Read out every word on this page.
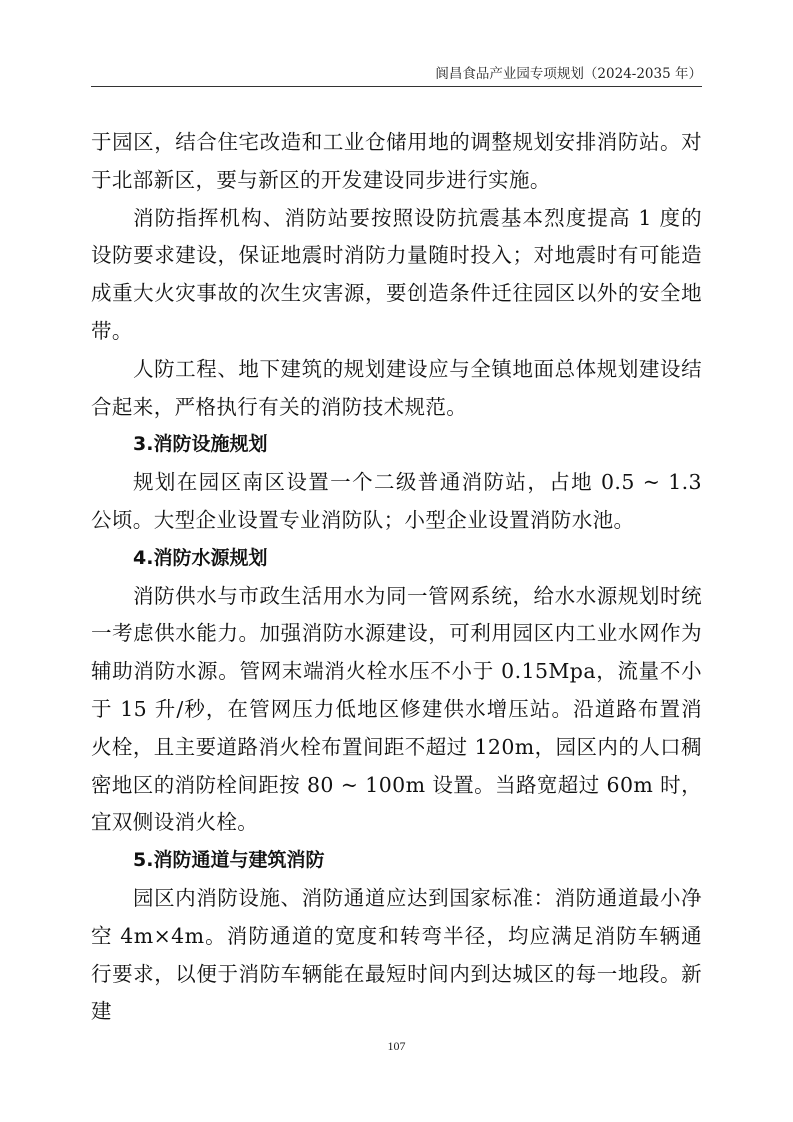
阆昌食品产业园专项规划（2024-2035 年）

于园区，结合住宅改造和工业仓储用地的调整规划安排消防站。对于北部新区，要与新区的开发建设同步进行实施。

消防指挥机构、消防站要按照设防抗震基本烈度提高 1 度的设防要求建设，保证地震时消防力量随时投入；对地震时有可能造成重大火灾事故的次生灾害源，要创造条件迁往园区以外的安全地带。

人防工程、地下建筑的规划建设应与全镇地面总体规划建设结合起来，严格执行有关的消防技术规范。

3.消防设施规划

规划在园区南区设置一个二级普通消防站，占地 0.5 ~ 1.3 公顷。大型企业设置专业消防队；小型企业设置消防水池。

4.消防水源规划

消防供水与市政生活用水为同一管网系统，给水水源规划时统一考虑供水能力。加强消防水源建设，可利用园区内工业水网作为辅助消防水源。管网末端消火栓水压不小于 0.15Mpa，流量不小于 15 升/秒，在管网压力低地区修建供水增压站。沿道路布置消火栓，且主要道路消火栓布置间距不超过 120m，园区内的人口稠密地区的消防栓间距按 80 ~ 100m 设置。当路宽超过 60m 时，宜双侧设消火栓。

5.消防通道与建筑消防

园区内消防设施、消防通道应达到国家标准：消防通道最小净空 4m×4m。消防通道的宽度和转弯半径，均应满足消防车辆通行要求，以便于消防车辆能在最短时间内到达城区的每一地段。新建

107
